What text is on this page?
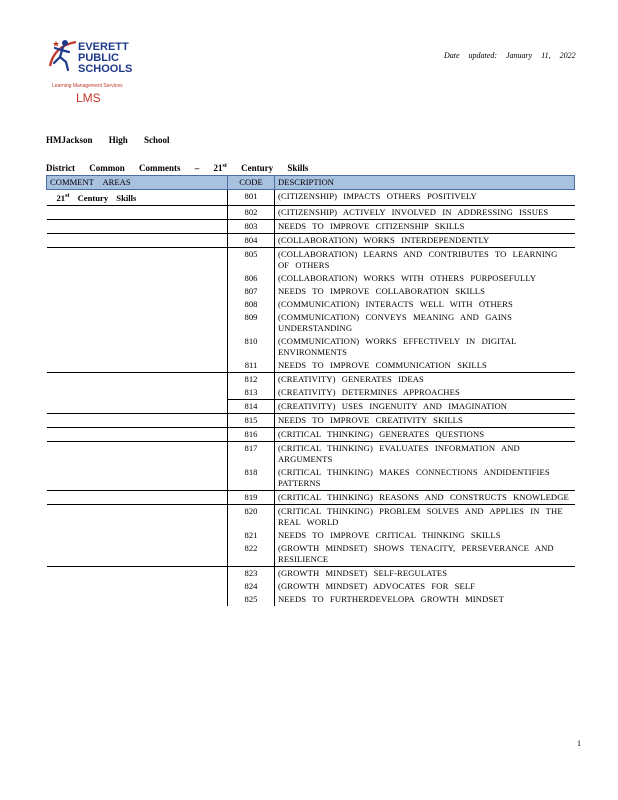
EVERETT
PUBLIC
SCHOOLS
Learning Management Services
LMS
Date updated: January 11, 2022
HMJackson High School
District Common Comments – 21st Century Skills
COMMENT AREAS	CODE	DESCRIPTION
21st Century Skills	801	(CITIZENSHIP) IMPACTS OTHERS POSITIVELY
	802	(CITIZENSHIP) ACTIVELY INVOLVED IN ADDRESSING ISSUES
	803	NEEDS TO IMPROVE CITIZENSHIP SKILLS
	804	(COLLABORATION) WORKS INTERDEPENDENTLY
	805	(COLLABORATION) LEARNS AND CONTRIBUTES TO LEARNING OF OTHERS
	806	(COLLABORATION) WORKS WITH OTHERS PURPOSEFULLY
	807	NEEDS TO IMPROVE COLLABORATION SKILLS
	808	(COMMUNICATION) INTERACTS WELL WITH OTHERS
	809	(COMMUNICATION) CONVEYS MEANING AND GAINS UNDERSTANDING
	810	(COMMUNICATION) WORKS EFFECTIVELY IN DIGITAL ENVIRONMENTS
	811	NEEDS TO IMPROVE COMMUNICATION SKILLS
	812	(CREATIVITY) GENERATES IDEAS
	813	(CREATIVITY) DETERMINES APPROACHES
	814	(CREATIVITY) USES INGENUITY AND IMAGINATION
	815	NEEDS TO IMPROVE CREATIVITY SKILLS
	816	(CRITICAL THINKING) GENERATES QUESTIONS
	817	(CRITICAL THINKING) EVALUATES INFORMATION AND ARGUMENTS
	818	(CRITICAL THINKING) MAKES CONNECTIONS ANDIDENTIFIES PATTERNS
	819	(CRITICAL THINKING) REASONS AND CONSTRUCTS KNOWLEDGE
	820	(CRITICAL THINKING) PROBLEM SOLVES AND APPLIES IN THE REAL WORLD
	821	NEEDS TO IMPROVE CRITICAL THINKING SKILLS
	822	(GROWTH MINDSET) SHOWS TENACITY, PERSEVERANCE AND RESILIENCE
	823	(GROWTH MINDSET) SELF-REGULATES
	824	(GROWTH MINDSET) ADVOCATES FOR SELF
	825	NEEDS TO FURTHERDEVELOPA GROWTH MINDSET
1
